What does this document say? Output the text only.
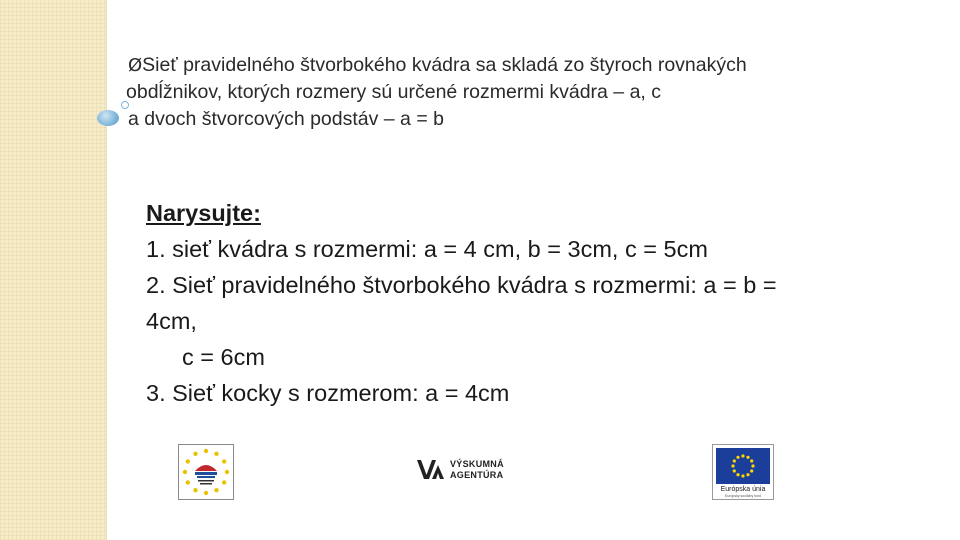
ØSieť pravidelného štvorbokého kvádra sa skladá zo štyroch rovnakých
obdĺžnikov, ktorých rozmery sú určené rozmermi kvádra – a, c
a dvoch štvorcových podstáv – a = b
Narysujte:
1. sieť kvádra s rozmermi: a = 4 cm, b = 3cm, c = 5cm
2. Sieť pravidelného štvorbokého kvádra s rozmermi: a = b =
4cm,
c = 6cm
3. Sieť kocky s rozmerom: a = 4cm
VÝSKUMNÁ
AGENTÚRA
Európska únia
Európsky sociálny fond
